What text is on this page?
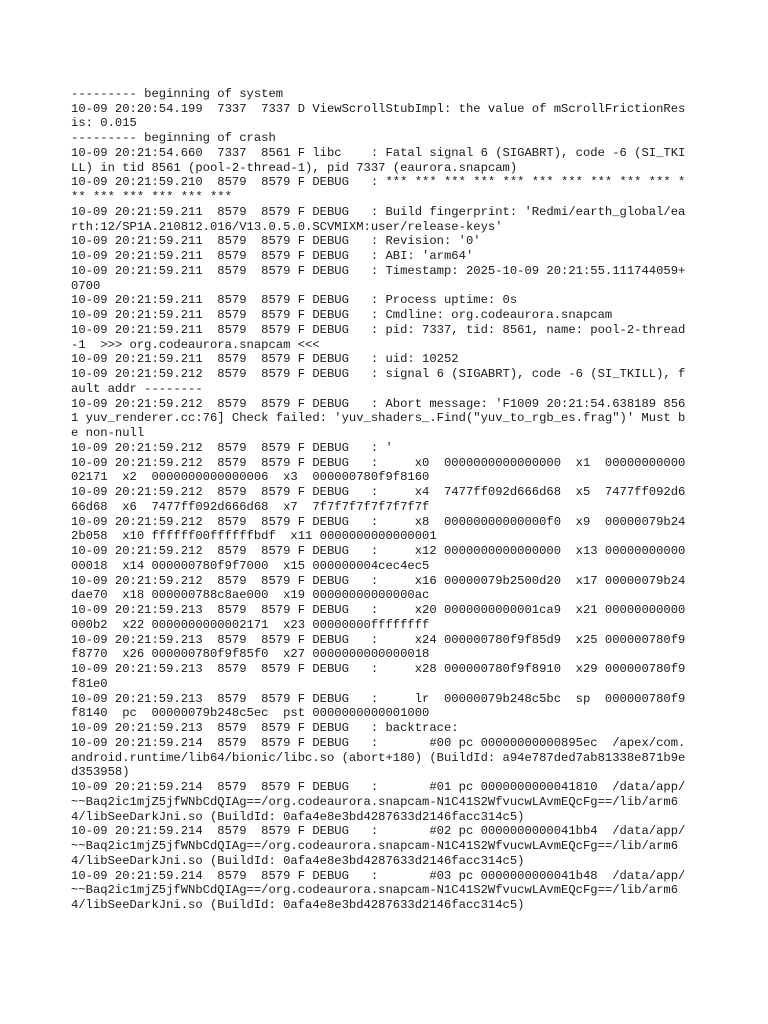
--------- beginning of system
10-09 20:20:54.199  7337  7337 D ViewScrollStubImpl: the value of mScrollFrictionRes is: 0.015
--------- beginning of crash
10-09 20:21:54.660  7337  8561 F libc    : Fatal signal 6 (SIGABRT), code -6 (SI_TKILL) in tid 8561 (pool-2-thread-1), pid 7337 (eaurora.snapcam)
10-09 20:21:59.210  8579  8579 F DEBUG   : *** *** *** *** *** *** *** *** *** *** *** *** *** *** *** ***
10-09 20:21:59.211  8579  8579 F DEBUG   : Build fingerprint: 'Redmi/earth_global/earth:12/SP1A.210812.016/V13.0.5.0.SCVMIXM:user/release-keys'
10-09 20:21:59.211  8579  8579 F DEBUG   : Revision: '0'
10-09 20:21:59.211  8579  8579 F DEBUG   : ABI: 'arm64'
10-09 20:21:59.211  8579  8579 F DEBUG   : Timestamp: 2025-10-09 20:21:55.111744059+0700
10-09 20:21:59.211  8579  8579 F DEBUG   : Process uptime: 0s
10-09 20:21:59.211  8579  8579 F DEBUG   : Cmdline: org.codeaurora.snapcam
10-09 20:21:59.211  8579  8579 F DEBUG   : pid: 7337, tid: 8561, name: pool-2-thread-1  >>> org.codeaurora.snapcam <<<
10-09 20:21:59.211  8579  8579 F DEBUG   : uid: 10252
10-09 20:21:59.212  8579  8579 F DEBUG   : signal 6 (SIGABRT), code -6 (SI_TKILL), fault addr --------
10-09 20:21:59.212  8579  8579 F DEBUG   : Abort message: 'F1009 20:21:54.638189 8561 yuv_renderer.cc:76] Check failed: 'yuv_shaders_.Find("yuv_to_rgb_es.frag")' Must be non-null
10-09 20:21:59.212  8579  8579 F DEBUG   : '
10-09 20:21:59.212  8579  8579 F DEBUG   :     x0  0000000000000000  x1  0000000000002171  x2  0000000000000006  x3  000000780f9f8160
10-09 20:21:59.212  8579  8579 F DEBUG   :     x4  7477ff092d666d68  x5  7477ff092d666d68  x6  7477ff092d666d68  x7  7f7f7f7f7f7f7f7f
10-09 20:21:59.212  8579  8579 F DEBUG   :     x8  00000000000000f0  x9  00000079b242b058  x10 ffffff00ffffffbdf  x11 0000000000000001
10-09 20:21:59.212  8579  8579 F DEBUG   :     x12 0000000000000000  x13 0000000000000018  x14 000000780f9f7000  x15 000000004cec4ec5
10-09 20:21:59.212  8579  8579 F DEBUG   :     x16 00000079b2500d20  x17 00000079b24dae70  x18 000000788c8ae000  x19 00000000000000ac
10-09 20:21:59.213  8579  8579 F DEBUG   :     x20 0000000000001ca9  x21 00000000000000b2  x22 0000000000002171  x23 00000000ffffffff
10-09 20:21:59.213  8579  8579 F DEBUG   :     x24 000000780f9f85d9  x25 000000780f9f8770  x26 000000780f9f85f0  x27 0000000000000018
10-09 20:21:59.213  8579  8579 F DEBUG   :     x28 000000780f9f8910  x29 000000780f9f81e0
10-09 20:21:59.213  8579  8579 F DEBUG   :     lr  00000079b248c5bc  sp  000000780f9f8140  pc  00000079b248c5ec  pst 0000000000001000
10-09 20:21:59.213  8579  8579 F DEBUG   : backtrace:
10-09 20:21:59.214  8579  8579 F DEBUG   :       #00 pc 00000000000895ec  /apex/com.android.runtime/lib64/bionic/libc.so (abort+180) (BuildId: a94e787ded7ab81338e871b9ed353958)
10-09 20:21:59.214  8579  8579 F DEBUG   :       #01 pc 0000000000041810  /data/app/~~Baq2ic1mjZ5jfWNbCdQIAg==/org.codeaurora.snapcam-N1C41S2WfvucwLAvmEQcFg==/lib/arm64/libSeeDarkJni.so (BuildId: 0afa4e8e3bd4287633d2146facc314c5)
10-09 20:21:59.214  8579  8579 F DEBUG   :       #02 pc 0000000000041bb4  /data/app/~~Baq2ic1mjZ5jfWNbCdQIAg==/org.codeaurora.snapcam-N1C41S2WfvucwLAvmEQcFg==/lib/arm64/libSeeDarkJni.so (BuildId: 0afa4e8e3bd4287633d2146facc314c5)
10-09 20:21:59.214  8579  8579 F DEBUG   :       #03 pc 0000000000041b48  /data/app/~~Baq2ic1mjZ5jfWNbCdQIAg==/org.codeaurora.snapcam-N1C41S2WfvucwLAvmEQcFg==/lib/arm64/libSeeDarkJni.so (BuildId: 0afa4e8e3bd4287633d2146facc314c5)
